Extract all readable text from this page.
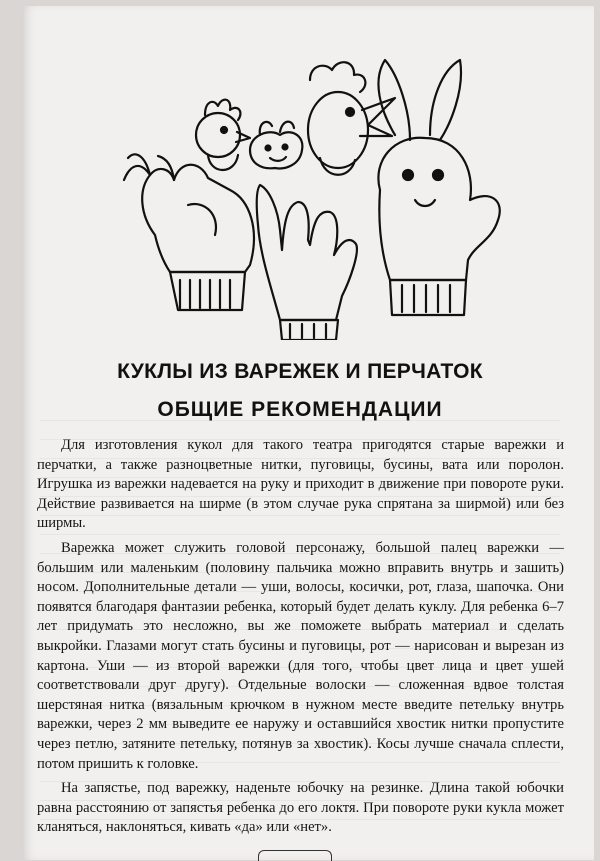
КУКЛЫ ИЗ ВАРЕЖЕК И ПЕРЧАТОК
ОБЩИЕ РЕКОМЕНДАЦИИ

Для изготовления кукол для такого театра пригодятся старые варежки и перчатки, а также разноцветные нитки, пуговицы, бусины, вата или поролон. Игрушка из варежки надевается на руку и приходит в движение при повороте руки. Действие развивается на ширме (в этом случае рука спрятана за ширмой) или без ширмы.

Варежка может служить головой персонажу, большой палец варежки — большим или маленьким (половину пальчика можно вправить внутрь и зашить) носом. Дополнительные детали — уши, волосы, косички, рот, глаза, шапочка. Они появятся благодаря фантазии ребенка, который будет делать куклу. Для ребенка 6–7 лет придумать это несложно, вы же поможете выбрать материал и сделать выкройки. Глазами могут стать бусины и пуговицы, рот — нарисован и вырезан из картона. Уши — из второй варежки (для того, чтобы цвет лица и цвет ушей соответствовали друг другу). Отдельные волоски — сложенная вдвое толстая шерстяная нитка (вязальным крючком в нужном месте введите петельку внутрь варежки, через 2 мм выведите ее наружу и оставшийся хвостик нитки пропустите через петлю, затяните петельку, потянув за хвостик). Косы лучше сначала сплести, потом пришить к головке.

На запястье, под варежку, наденьте юбочку на резинке. Длина такой юбочки равна расстоянию от запястья ребенка до его локтя. При повороте руки кукла может кланяться, наклоняться, кивать «да» или «нет».
